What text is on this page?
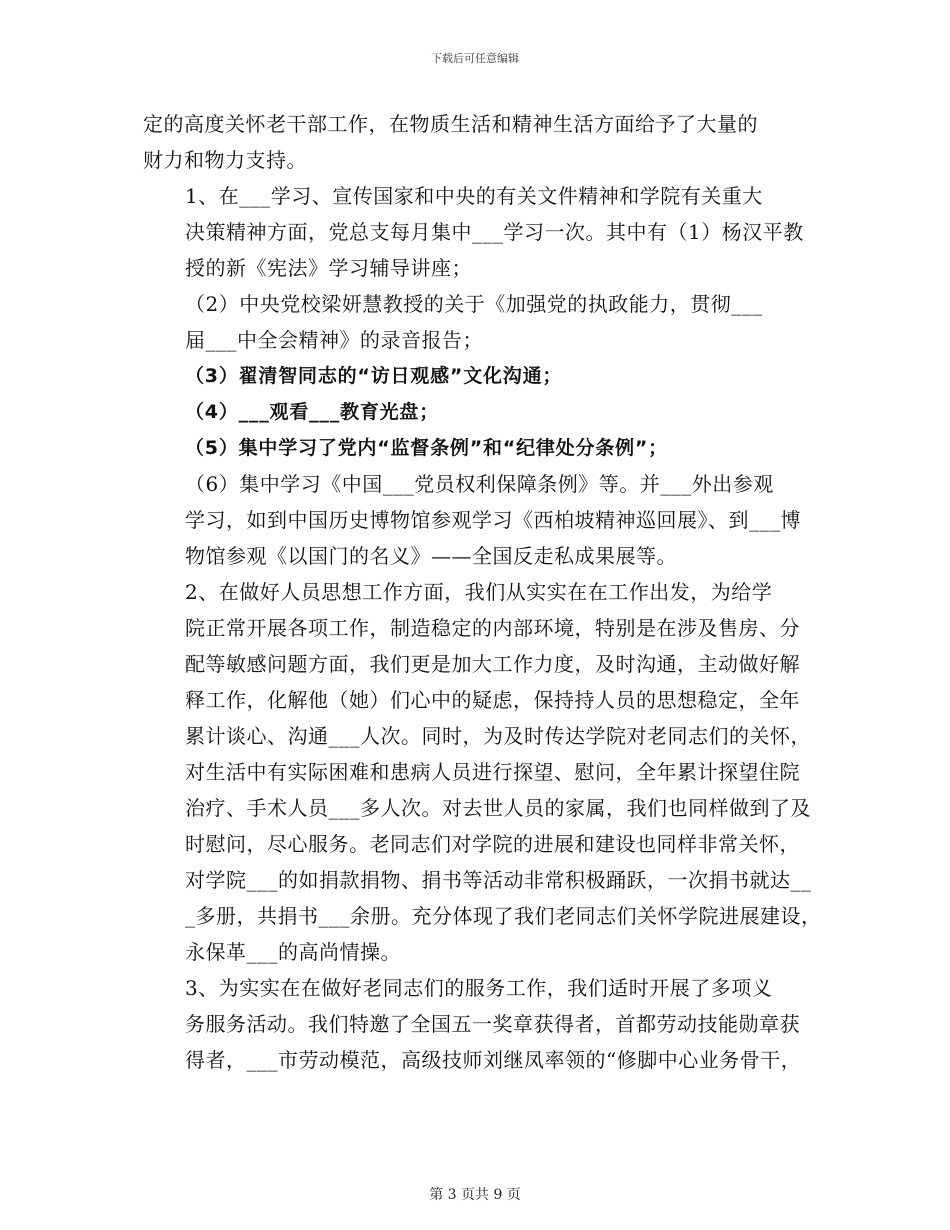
下载后可任意编辑

定的高度关怀老干部工作，在物质生活和精神生活方面给予了大量的
财力和物力支持。

1、在___学习、宣传国家和中央的有关文件精神和学院有关重大
决策精神方面，党总支每月集中___学习一次。其中有（1）杨汉平教
授的新《宪法》学习辅导讲座；

（2）中央党校梁妍慧教授的关于《加强党的执政能力，贯彻___
届___中全会精神》的录音报告；

（3）翟清智同志的“访日观感”文化沟通；

（4）___观看___教育光盘；

（5）集中学习了党内“监督条例”和“纪律处分条例”；

（6）集中学习《中国___党员权利保障条例》等。并___外出参观
学习，如到中国历史博物馆参观学习《西柏坡精神巡回展》、到___博
物馆参观《以国门的名义》——全国反走私成果展等。

2、在做好人员思想工作方面，我们从实实在在工作出发，为给学
院正常开展各项工作，制造稳定的内部环境，特别是在涉及售房、分
配等敏感问题方面，我们更是加大工作力度，及时沟通，主动做好解
释工作，化解他（她）们心中的疑虑，保持持人员的思想稳定，全年
累计谈心、沟通___人次。同时，为及时传达学院对老同志们的关怀，
对生活中有实际困难和患病人员进行探望、慰问，全年累计探望住院
治疗、手术人员___多人次。对去世人员的家属，我们也同样做到了及
时慰问，尽心服务。老同志们对学院的进展和建设也同样非常关怀，
对学院___的如捐款捐物、捐书等活动非常积极踊跃，一次捐书就达__
_多册，共捐书___余册。充分体现了我们老同志们关怀学院进展建设，
永保革___的高尚情操。

3、为实实在在做好老同志们的服务工作，我们适时开展了多项义
务服务活动。我们特邀了全国五一奖章获得者，首都劳动技能勋章获
得者，___市劳动模范，高级技师刘继凤率领的“修脚中心业务骨干，

第 3 页共 9 页
